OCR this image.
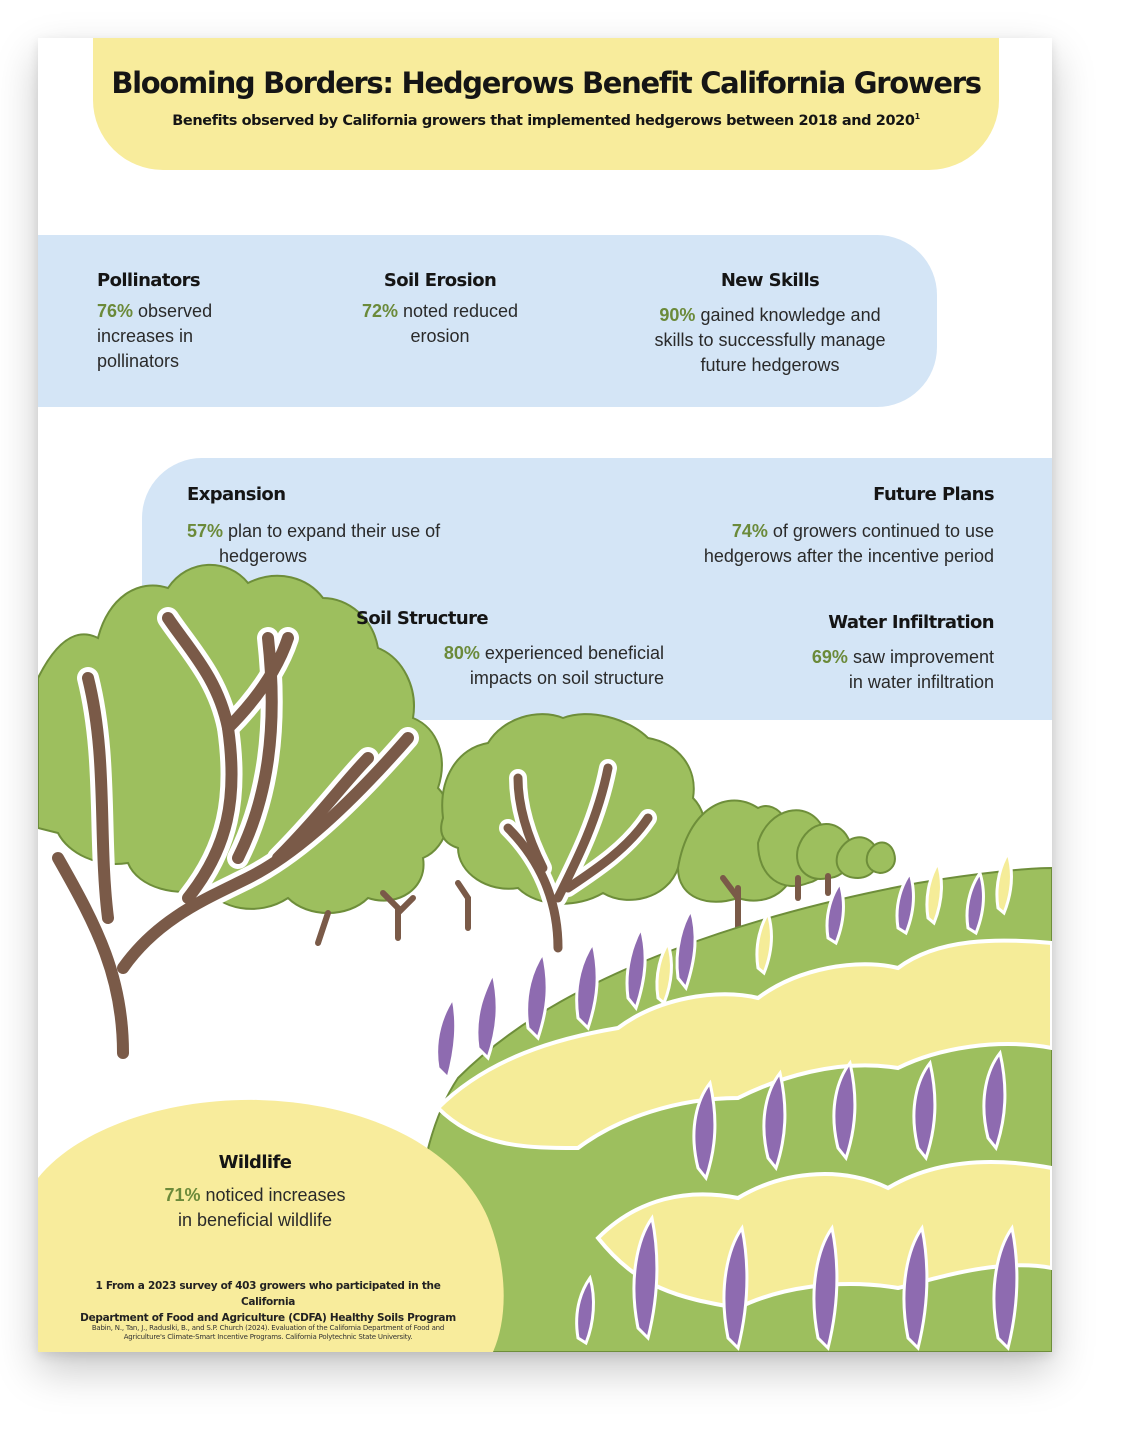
Blooming Borders: Hedgerows Benefit California Growers

Benefits observed by California growers that implemented hedgerows between 2018 and 2020$^1$

Pollinators

76% observed
increases in
pollinators

Soil Erosion

72% noted reduced
erosion

New Skills

90% gained knowledge and
skills to successfully manage
future hedgerows

Expansion

57% plan to expand their use of
hedgerows

Future Plans

74% of growers continued to use
hedgerows after the incentive period

Soil Structure

80% experienced beneficial
impacts on soil structure

Water Infiltration

69% saw improvement
in water infiltration

Wildlife

71% noticed increases
in beneficial wildlife

1 From a 2023 survey of 403 growers who participated in the California
Department of Food and Agriculture (CDFA) Healthy Soils Program
Babin, N., Tan, J., Raduslki, B., and S.P. Church (2024). Evaluation of the California Department of Food and
Agriculture's Climate-Smart Incentive Programs. California Polytechnic State University.
